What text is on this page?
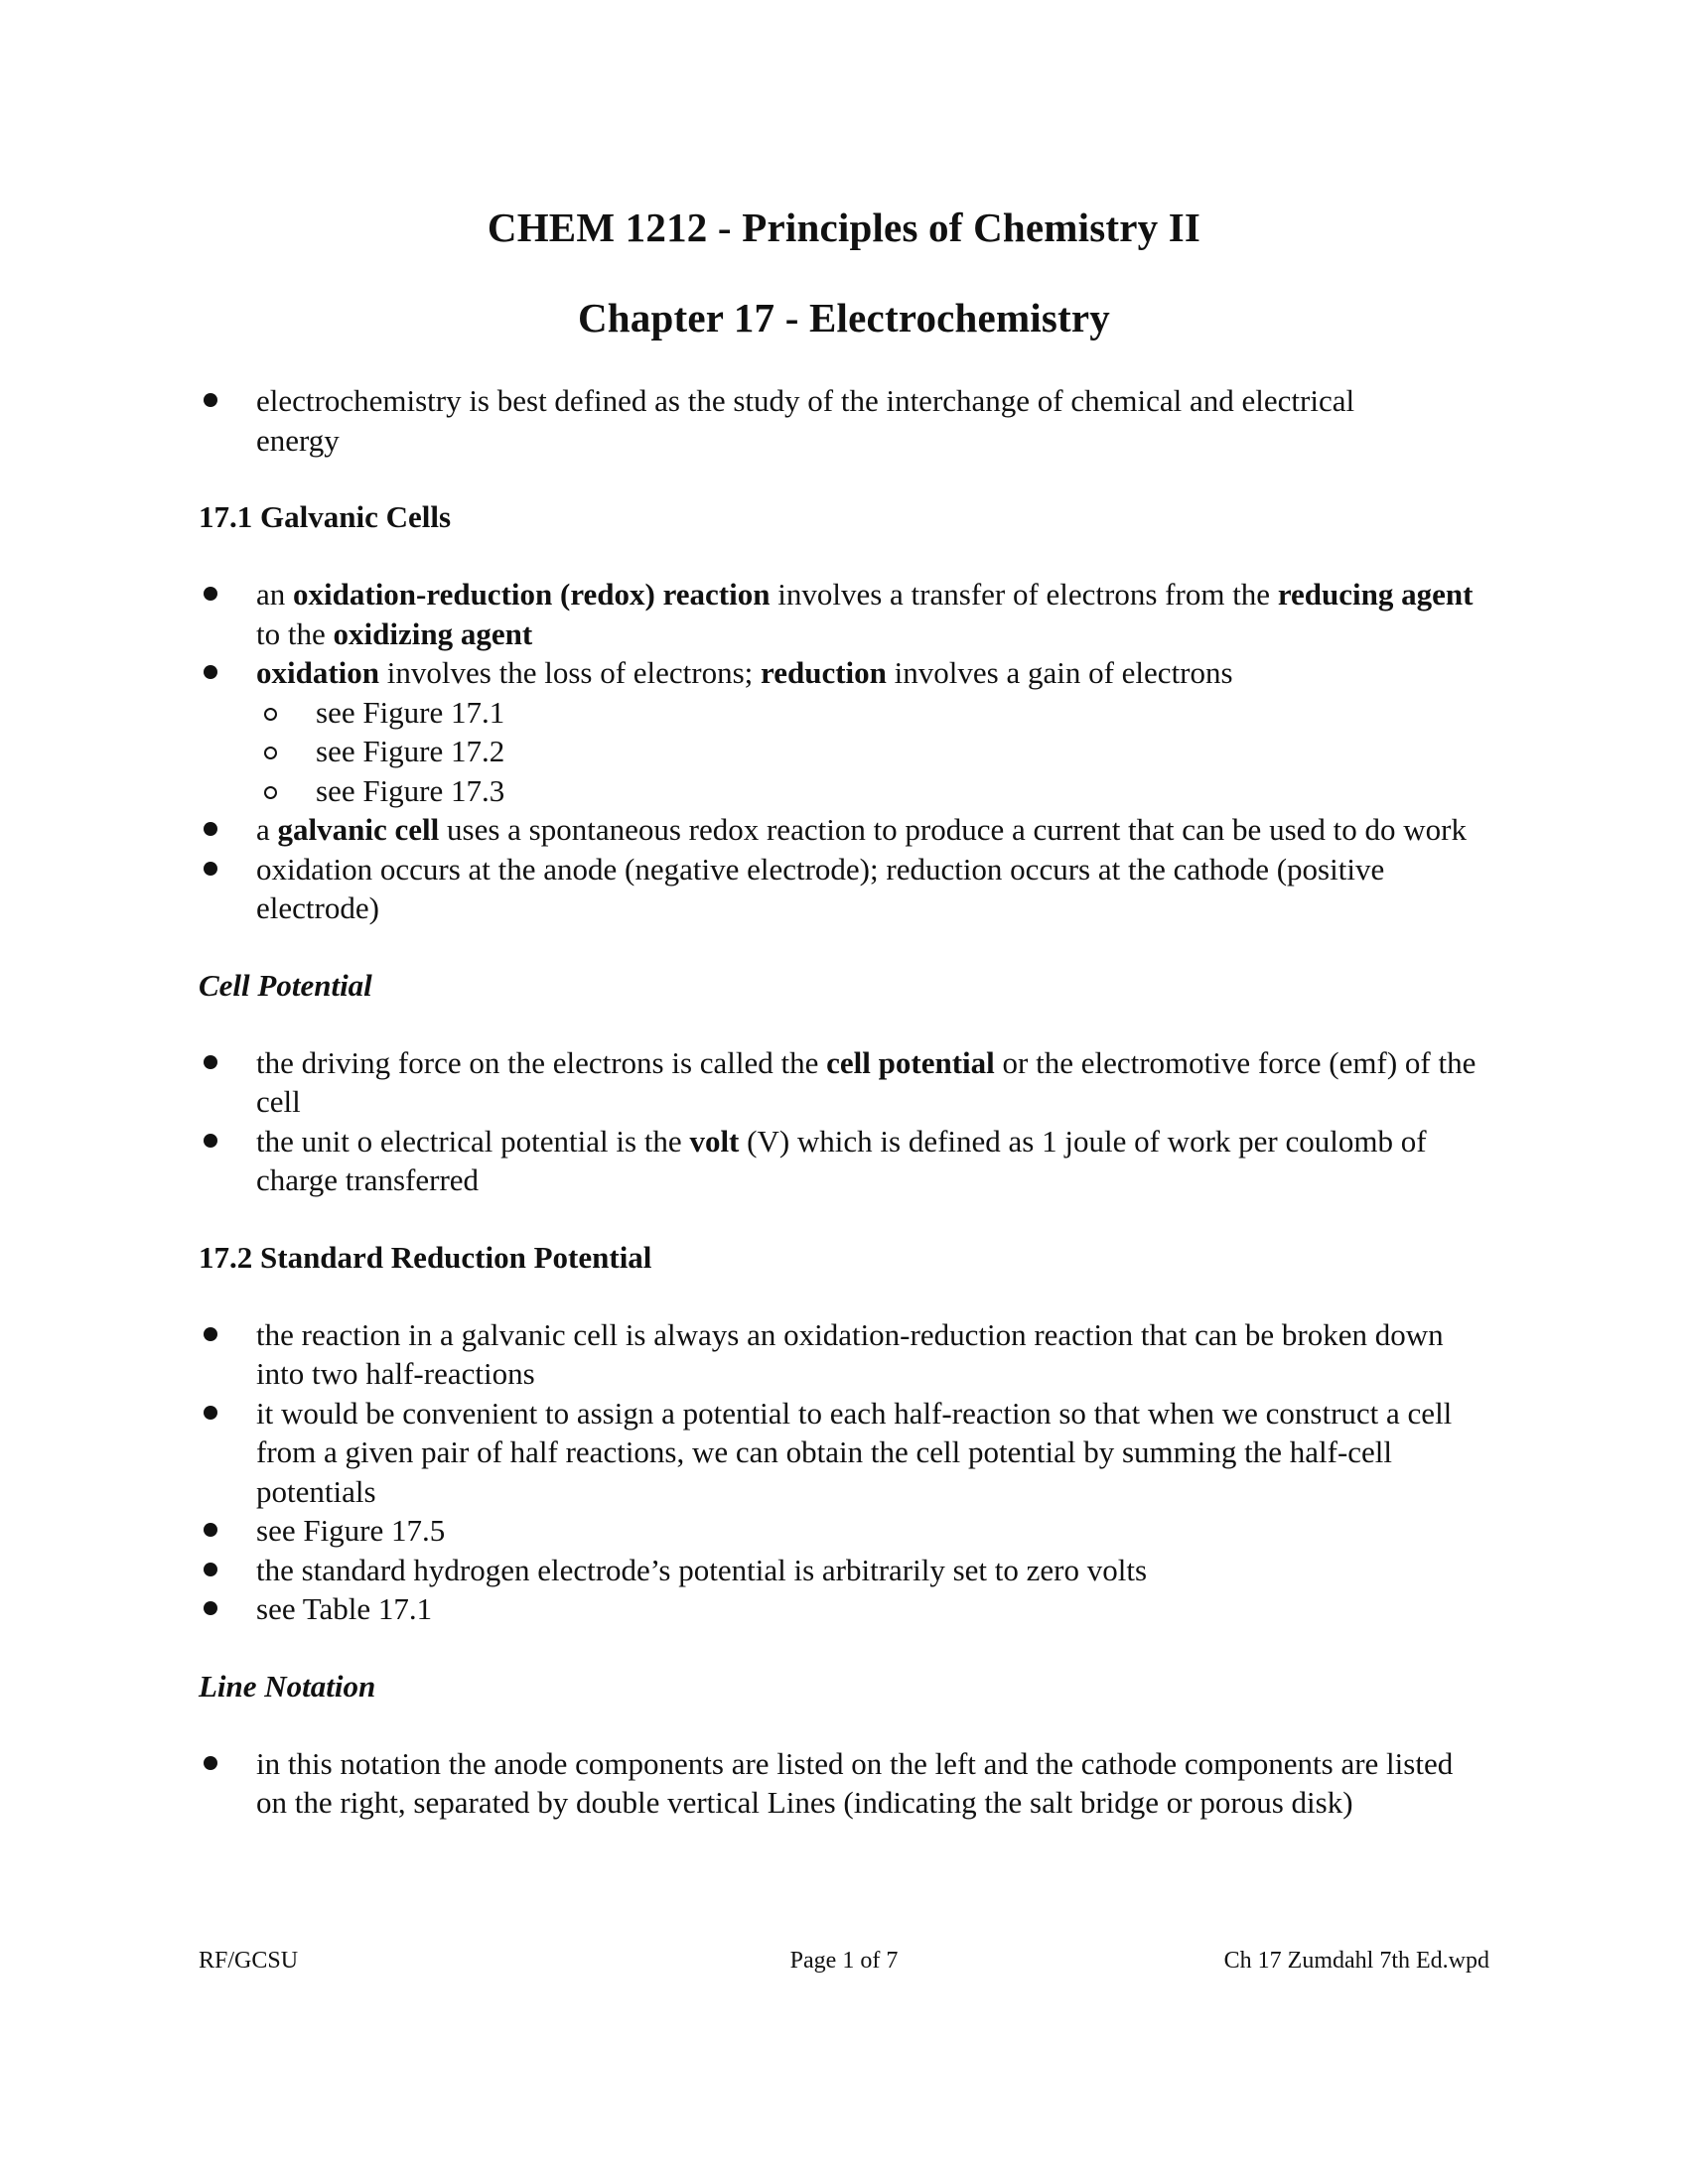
CHEM 1212 - Principles of Chemistry II
Chapter 17 - Electrochemistry
electrochemistry is best defined as the study of the interchange of chemical and electrical
energy
17.1 Galvanic Cells
an oxidation-reduction (redox) reaction involves a transfer of electrons from the reducing agent to the oxidizing agent
oxidation involves the loss of electrons; reduction involves a gain of electrons
see Figure 17.1
see Figure 17.2
see Figure 17.3
a galvanic cell uses a spontaneous redox reaction to produce a current that can be used to do work
oxidation occurs at the anode (negative electrode); reduction occurs at the cathode (positive electrode)
Cell Potential
the driving force on the electrons is called the cell potential or the electromotive force (emf) of the cell
the unit o electrical potential is the volt (V) which is defined as 1 joule of work per coulomb of charge transferred
17.2 Standard Reduction Potential
the reaction in a galvanic cell is always an oxidation-reduction reaction that can be broken down into two half-reactions
it would be convenient to assign a potential to each half-reaction so that when we construct a cell from a given pair of half reactions, we can obtain the cell potential by summing the half-cell potentials
see Figure 17.5
the standard hydrogen electrode’s potential is arbitrarily set to zero volts
see Table 17.1
Line Notation
in this notation the anode components are listed on the left and the cathode components are listed on the right, separated by double vertical Lines (indicating the salt bridge or porous disk)
RF/GCSU	Page 1 of 7	Ch 17 Zumdahl 7th Ed.wpd
